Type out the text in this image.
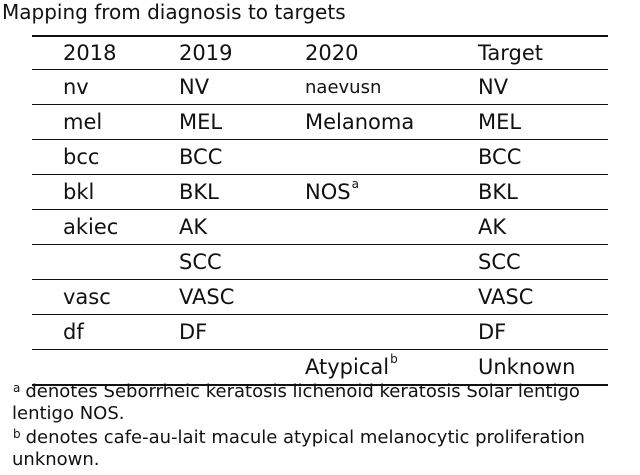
Mapping from diagnosis to targets
2018	2019	2020	Target
nv	NV	naevusn	NV
mel	MEL	Melanoma	MEL
bcc	BCC		BCC
bkl	BKL	NOS$^a$	BKL
akiec	AK		AK
	SCC		SCC
vasc	VASC		VASC
df	DF		DF
		Atypical$^b$	Unknown
$^a$ denotes Seborrheic keratosis lichenoid keratosis Solar lentigo
lentigo NOS.
$^b$ denotes cafe-au-lait macule atypical melanocytic proliferation
unknown.
